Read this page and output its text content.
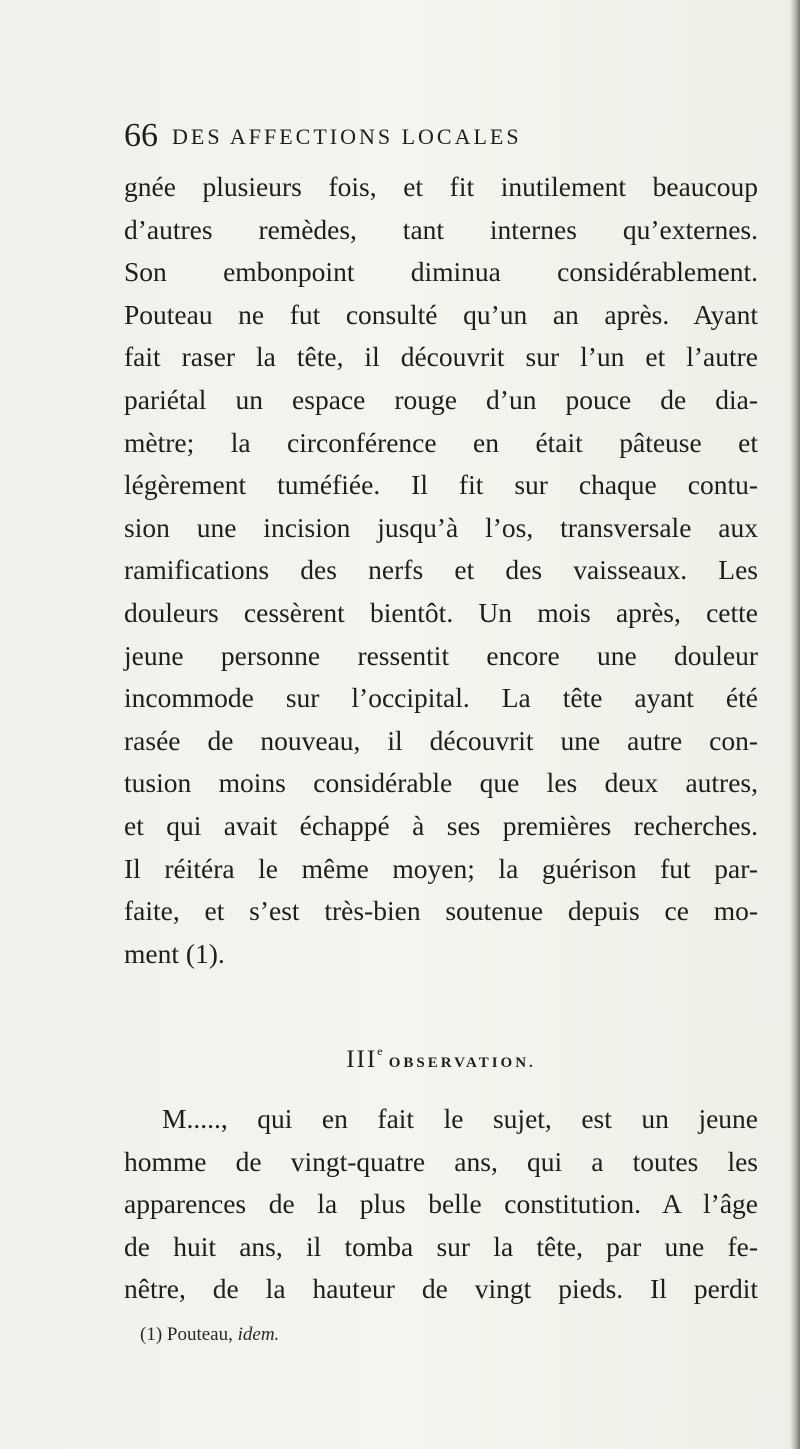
66 DES AFFECTIONS LOCALES

gnée plusieurs fois, et fit inutilement beaucoup
d’autres remèdes, tant internes qu’externes.
Son embonpoint diminua considérablement.
Pouteau ne fut consulté qu’un an après. Ayant
fait raser la tête, il découvrit sur l’un et l’autre
pariétal un espace rouge d’un pouce de dia-
mètre; la circonférence en était pâteuse et
légèrement tuméfiée. Il fit sur chaque contu-
sion une incision jusqu’à l’os, transversale aux
ramifications des nerfs et des vaisseaux. Les
douleurs cessèrent bientôt. Un mois après, cette
jeune personne ressentit encore une douleur
incommode sur l’occipital. La tête ayant été
rasée de nouveau, il découvrit une autre con-
tusion moins considérable que les deux autres,
et qui avait échappé à ses premières recherches.
Il réitéra le même moyen; la guérison fut par-
faite, et s’est très-bien soutenue depuis ce mo-
ment (1).

IIIe OBSERVATION.

M....., qui en fait le sujet, est un jeune
homme de vingt-quatre ans, qui a toutes les
apparences de la plus belle constitution. A l’âge
de huit ans, il tomba sur la tête, par une fe-
nêtre, de la hauteur de vingt pieds. Il perdit

(1) Pouteau, idem.
